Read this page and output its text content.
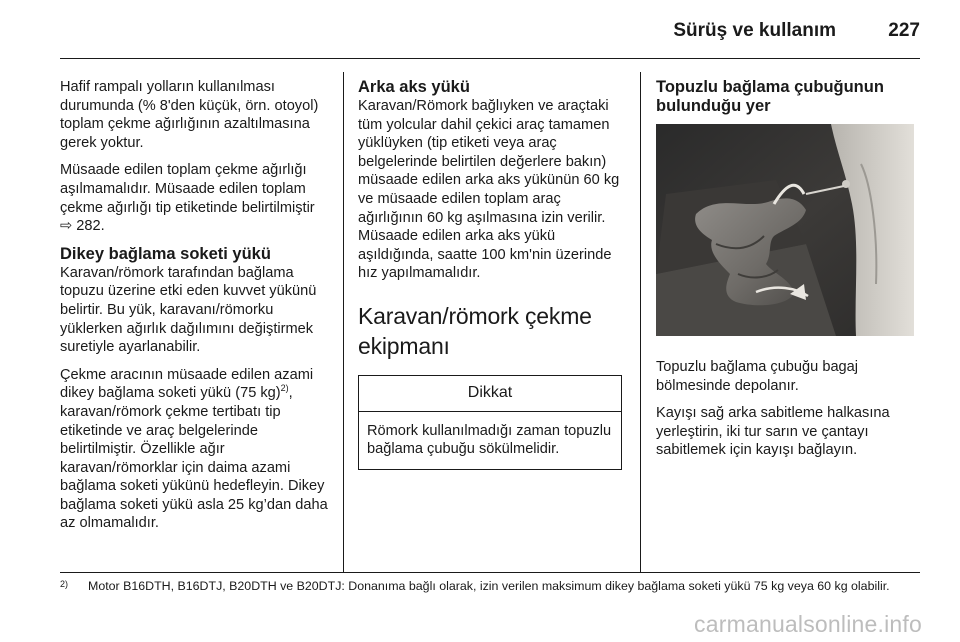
Sürüş ve kullanım	227

Hafif rampalı yolların kullanılması durumunda (% 8'den küçük, örn. otoyol) toplam çekme ağırlığının azaltılmasına gerek yoktur.

Müsaade edilen toplam çekme ağırlığı aşılmamalıdır. Müsaade edilen toplam çekme ağırlığı tip etiketinde belirtilmiştir ⇨ 282.

Dikey bağlama soketi yükü

Karavan/römork tarafından bağlama topuzu üzerine etki eden kuvvet yükünü belirtir. Bu yük, karavanı/römorku yüklerken ağırlık dağılımını değiştirmek suretiyle ayarlanabilir.

Çekme aracının müsaade edilen azami dikey bağlama soketi yükü (75 kg)$^{2)}$, karavan/römork çekme tertibatı tip etiketinde ve araç belgelerinde belirtilmiştir. Özellikle ağır karavan/römorklar için daima azami bağlama soketi yükünü hedefleyin. Dikey bağlama soketi yükü asla 25 kg’dan daha az olmamalıdır.

Arka aks yükü

Karavan/Römork bağlıyken ve araçtaki tüm yolcular dahil çekici araç tamamen yüklüyken (tip etiketi veya araç belgelerinde belirtilen değerlere bakın) müsaade edilen arka aks yükünün 60 kg ve müsaade edilen toplam araç ağırlığının 60 kg aşılmasına izin verilir. Müsaade edilen arka aks yükü aşıldığında, saatte 100 km'nin üzerinde hız yapılmamalıdır.

Karavan/römork çekme ekipmanı
Dikkat
Römork kullanılmadığı zaman topuzlu bağlama çubuğu sökülmelidir.
Topuzlu bağlama çubuğunun bulunduğu yer

Topuzlu bağlama çubuğu bagaj bölmesinde depolanır.

Kayışı sağ arka sabitleme halkasına yerleştirin, iki tur sarın ve çantayı sabitlemek için kayışı bağlayın.

2) Motor B16DTH, B16DTJ, B20DTH ve B20DTJ: Donanıma bağlı olarak, izin verilen maksimum dikey bağlama soketi yükü 75 kg veya 60 kg olabilir.
carmanualsonline.info
